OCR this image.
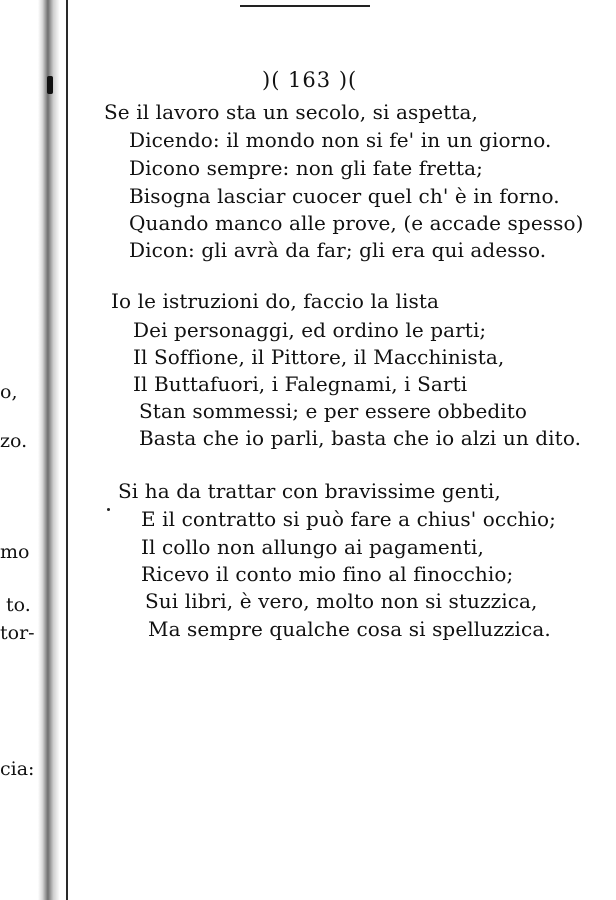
o,
zo.
mo
to.
tor-
cia:
)( 163 )(
Se il lavoro sta un secolo, si aspetta,
Dicendo: il mondo non si fe' in un giorno.
Dicono sempre: non gli fate fretta;
Bisogna lasciar cuocer quel ch' è in forno.
Quando manco alle prove, (e accade spesso)
Dicon: gli avrà da far; gli era qui adesso.
Io le istruzioni do, faccio la lista
Dei personaggi, ed ordino le parti;
Il Soffione, il Pittore, il Macchinista,
Il Buttafuori, i Falegnami, i Sarti
Stan sommessi; e per essere obbedito
Basta che io parli, basta che io alzi un dito.
Si ha da trattar con bravissime genti,
E il contratto si può fare a chius' occhio;
Il collo non allungo ai pagamenti,
Ricevo il conto mio fino al finocchio;
Sui libri, è vero, molto non si stuzzica,
Ma sempre qualche cosa si spelluzzica.
